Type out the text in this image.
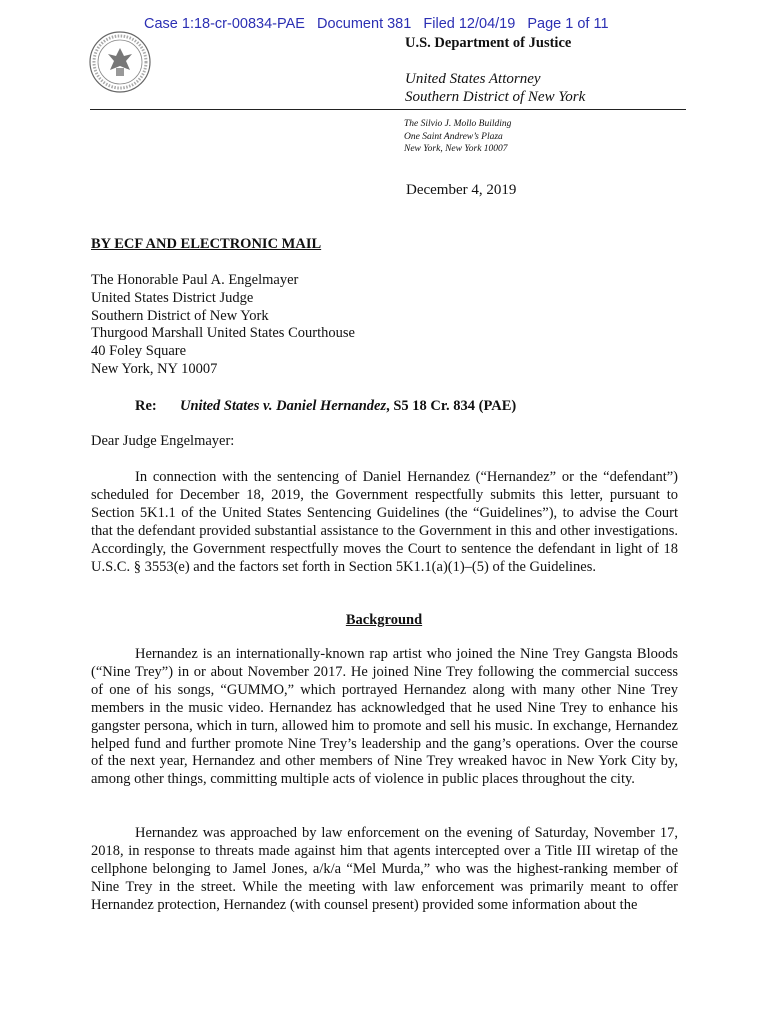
Case 1:18-cr-00834-PAE   Document 381   Filed 12/04/19   Page 1 of 11
U.S. Department of Justice
United States Attorney
Southern District of New York
The Silvio J. Mollo Building
One Saint Andrew’s Plaza
New York, New York 10007
December 4, 2019
BY ECF AND ELECTRONIC MAIL
The Honorable Paul A. Engelmayer
United States District Judge
Southern District of New York
Thurgood Marshall United States Courthouse
40 Foley Square
New York, NY 10007
Re: United States v. Daniel Hernandez, S5 18 Cr. 834 (PAE)
Dear Judge Engelmayer:

In connection with the sentencing of Daniel Hernandez (“Hernandez” or the “defendant”) scheduled for December 18, 2019, the Government respectfully submits this letter, pursuant to Section 5K1.1 of the United States Sentencing Guidelines (the “Guidelines”), to advise the Court that the defendant provided substantial assistance to the Government in this and other investigations. Accordingly, the Government respectfully moves the Court to sentence the defendant in light of 18 U.S.C. § 3553(e) and the factors set forth in Section 5K1.1(a)(1)–(5) of the Guidelines.

Background

Hernandez is an internationally-known rap artist who joined the Nine Trey Gangsta Bloods (“Nine Trey”) in or about November 2017. He joined Nine Trey following the commercial success of one of his songs, “GUMMO,” which portrayed Hernandez along with many other Nine Trey members in the music video. Hernandez has acknowledged that he used Nine Trey to enhance his gangster persona, which in turn, allowed him to promote and sell his music. In exchange, Hernandez helped fund and further promote Nine Trey’s leadership and the gang’s operations. Over the course of the next year, Hernandez and other members of Nine Trey wreaked havoc in New York City by, among other things, committing multiple acts of violence in public places throughout the city.

Hernandez was approached by law enforcement on the evening of Saturday, November 17, 2018, in response to threats made against him that agents intercepted over a Title III wiretap of the cellphone belonging to Jamel Jones, a/k/a “Mel Murda,” who was the highest-ranking member of Nine Trey in the street. While the meeting with law enforcement was primarily meant to offer Hernandez protection, Hernandez (with counsel present) provided some information about the
